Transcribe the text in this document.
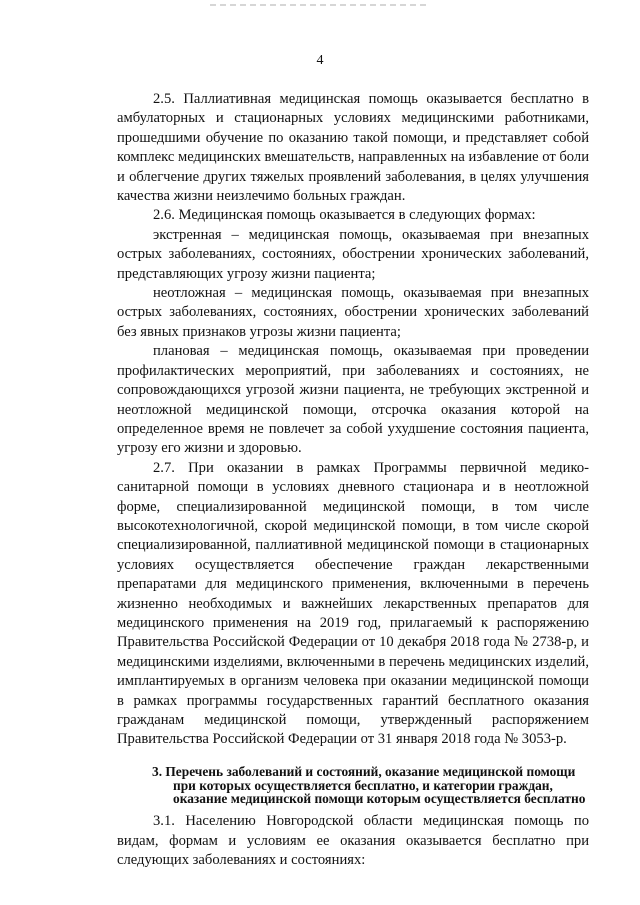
4

2.5. Паллиативная медицинская помощь оказывается бесплатно в амбулаторных и стационарных условиях медицинскими работниками, прошедшими обучение по оказанию такой помощи, и представляет собой комплекс медицинских вмешательств, направленных на избавление от боли и облегчение других тяжелых проявлений заболевания, в целях улучшения качества жизни неизлечимо больных граждан.

2.6. Медицинская помощь оказывается в следующих формах:

экстренная – медицинская помощь, оказываемая при внезапных острых заболеваниях, состояниях, обострении хронических заболеваний, представляющих угрозу жизни пациента;

неотложная – медицинская помощь, оказываемая при внезапных острых заболеваниях, состояниях, обострении хронических заболеваний без явных признаков угрозы жизни пациента;

плановая – медицинская помощь, оказываемая при проведении профилактических мероприятий, при заболеваниях и состояниях, не сопровождающихся угрозой жизни пациента, не требующих экстренной и неотложной медицинской помощи, отсрочка оказания которой на определенное время не повлечет за собой ухудшение состояния пациента, угрозу его жизни и здоровью.

2.7. При оказании в рамках Программы первичной медико-санитарной помощи в условиях дневного стационара и в неотложной форме, специализированной медицинской помощи, в том числе высокотехнологичной, скорой медицинской помощи, в том числе скорой специализированной, паллиативной медицинской помощи в стационарных условиях осуществляется обеспечение граждан лекарственными препаратами для медицинского применения, включенными в перечень жизненно необходимых и важнейших лекарственных препаратов для медицинского применения на 2019 год, прилагаемый к распоряжению Правительства Российской Федерации от 10 декабря 2018 года № 2738-р, и медицинскими изделиями, включенными в перечень медицинских изделий, имплантируемых в организм человека при оказании медицинской помощи в рамках программы государственных гарантий бесплатного оказания гражданам медицинской помощи, утвержденный распоряжением Правительства Российской Федерации от 31 января 2018 года № 3053-р.

3. Перечень заболеваний и состояний, оказание медицинской помощи при которых осуществляется бесплатно, и категории граждан, оказание медицинской помощи которым осуществляется бесплатно

3.1. Населению Новгородской области медицинская помощь по видам, формам и условиям ее оказания оказывается бесплатно при следующих заболеваниях и состояниях:
